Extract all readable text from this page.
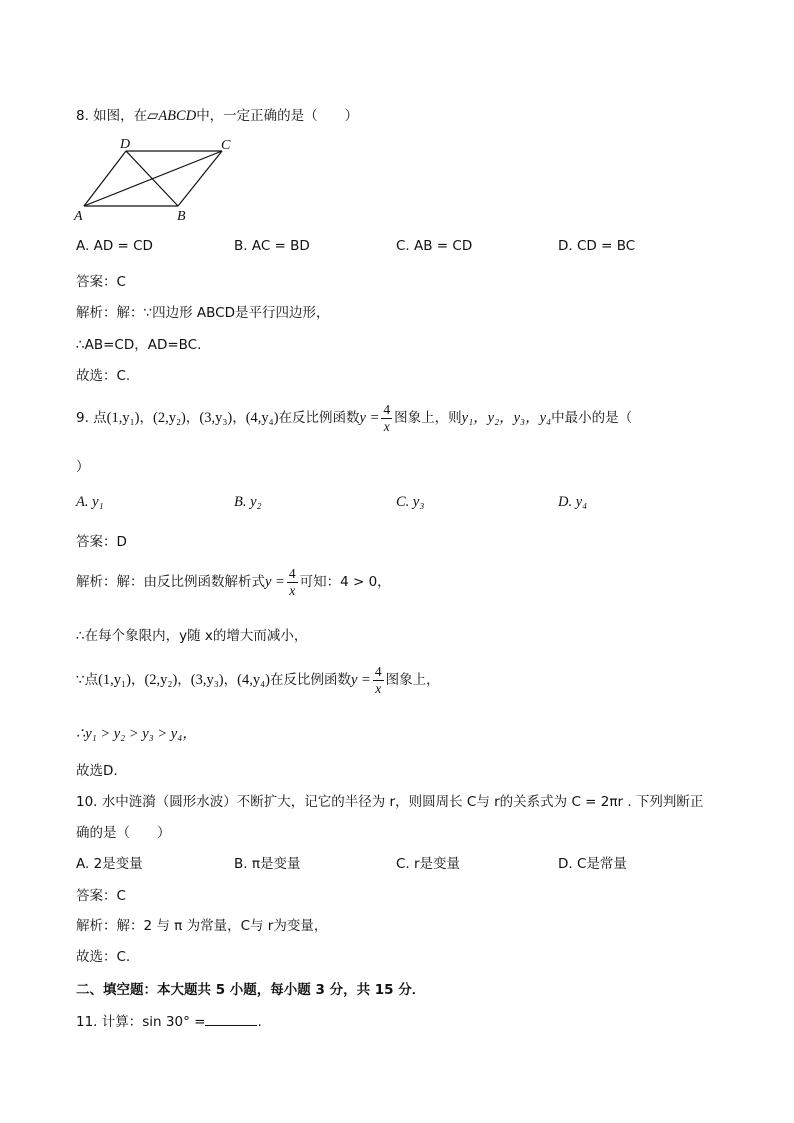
8. 如图，在▱ABCD中，一定正确的是（　　）
D	C
A	B
A. AD = CD	B. AC = BD	C. AB = CD	D. CD = BC
答案：C
解析：解：∵四边形 ABCD是平行四边形，
∴AB=CD，AD=BC.
故选：C.
9. 点(1,y₁)，(2,y₂)，(3,y₃)，(4,y₄)在反比例函数$y = \frac{4}{x}$ 图象上，则y₁，y₂，y₃，y₄中最小的是（
）
A. y₁	B. y₂	C. y₃	D. y₄
答案：D
解析：解：由反比例函数解析式$y = \frac{4}{x}$ 可知：4 > 0，
∴在每个象限内，y随 x的增大而减小，
∵点(1,y₁)，(2,y₂)，(3,y₃)，(4,y₄)在反比例函数$y = \frac{4}{x}$ 图象上，
∴y₁ > y₂ > y₃ > y₄，
故选D.
10. 水中涟漪（圆形水波）不断扩大，记它的半径为 r，则圆周长 C与 r的关系式为 C = 2πr . 下列判断正
确的是（　　）
A. 2是变量	B. π是变量	C. r是变量	D. C是常量
答案：C
解析：解：2 与 π 为常量，C与 r为变量，
故选：C.
二、填空题：本大题共 5 小题，每小题 3 分，共 15 分．
11. 计算：sin 30° =	.
